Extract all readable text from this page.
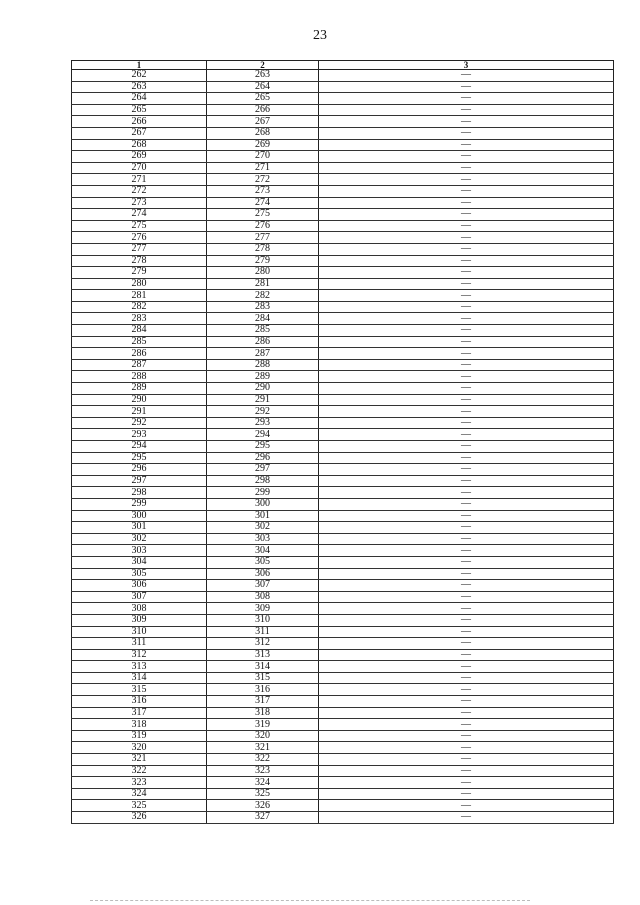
23
1	2	3
262	263	—
263	264	—
264	265	—
265	266	—
266	267	—
267	268	—
268	269	—
269	270	—
270	271	—
271	272	—
272	273	—
273	274	—
274	275	—
275	276	—
276	277	—
277	278	—
278	279	—
279	280	—
280	281	—
281	282	—
282	283	—
283	284	—
284	285	—
285	286	—
286	287	—
287	288	—
288	289	—
289	290	—
290	291	—
291	292	—
292	293	—
293	294	—
294	295	—
295	296	—
296	297	—
297	298	—
298	299	—
299	300	—
300	301	—
301	302	—
302	303	—
303	304	—
304	305	—
305	306	—
306	307	—
307	308	—
308	309	—
309	310	—
310	311	—
311	312	—
312	313	—
313	314	—
314	315	—
315	316	—
316	317	—
317	318	—
318	319	—
319	320	—
320	321	—
321	322	—
322	323	—
323	324	—
324	325	—
325	326	—
326	327	—
